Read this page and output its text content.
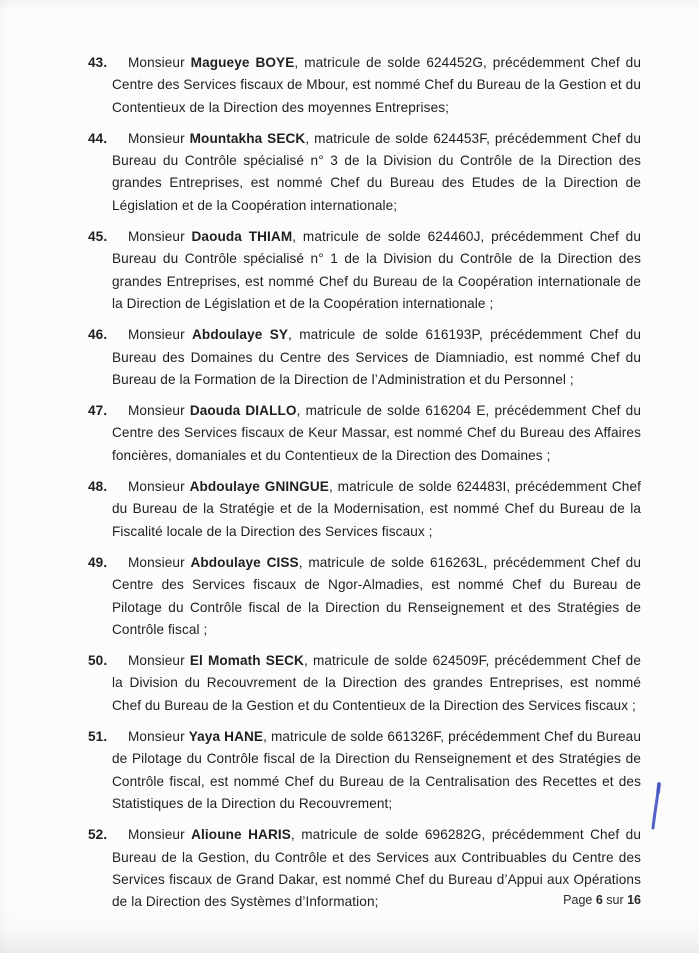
43. Monsieur Magueye BOYE, matricule de solde 624452G, précédemment Chef du Centre des Services fiscaux de Mbour, est nommé Chef du Bureau de la Gestion et du Contentieux de la Direction des moyennes Entreprises;
44. Monsieur Mountakha SECK, matricule de solde 624453F, précédemment Chef du Bureau du Contrôle spécialisé n° 3 de la Division du Contrôle de la Direction des grandes Entreprises, est nommé Chef du Bureau des Etudes de la Direction de Législation et de la Coopération internationale;
45. Monsieur Daouda THIAM, matricule de solde 624460J, précédemment Chef du Bureau du Contrôle spécialisé n° 1 de la Division du Contrôle de la Direction des grandes Entreprises, est nommé Chef du Bureau de la Coopération internationale de la Direction de Législation et de la Coopération internationale ;
46. Monsieur Abdoulaye SY, matricule de solde 616193P, précédemment Chef du Bureau des Domaines du Centre des Services de Diamniadio, est nommé Chef du Bureau de la Formation de la Direction de l’Administration et du Personnel ;
47. Monsieur Daouda DIALLO, matricule de solde 616204 E, précédemment Chef du Centre des Services fiscaux de Keur Massar, est nommé Chef du Bureau des Affaires foncières, domaniales et du Contentieux de la Direction des Domaines ;
48. Monsieur Abdoulaye GNINGUE, matricule de solde 624483I, précédemment Chef du Bureau de la Stratégie et de la Modernisation, est nommé Chef du Bureau de la Fiscalité locale de la Direction des Services fiscaux ;
49. Monsieur Abdoulaye CISS, matricule de solde 616263L, précédemment Chef du Centre des Services fiscaux de Ngor-Almadies, est nommé Chef du Bureau de Pilotage du Contrôle fiscal de la Direction du Renseignement et des Stratégies de Contrôle fiscal ;
50. Monsieur El Momath SECK, matricule de solde 624509F, précédemment Chef de la Division du Recouvrement de la Direction des grandes Entreprises, est nommé Chef du Bureau de la Gestion et du Contentieux de la Direction des Services fiscaux ;
51. Monsieur Yaya HANE, matricule de solde 661326F, précédemment Chef du Bureau de Pilotage du Contrôle fiscal de la Direction du Renseignement et des Stratégies de Contrôle fiscal, est nommé Chef du Bureau de la Centralisation des Recettes et des Statistiques de la Direction du Recouvrement;
52. Monsieur Alioune HARIS, matricule de solde 696282G, précédemment Chef du Bureau de la Gestion, du Contrôle et des Services aux Contribuables du Centre des Services fiscaux de Grand Dakar, est nommé Chef du Bureau d’Appui aux Opérations de la Direction des Systèmes d’Information;	Page 6 sur 16
